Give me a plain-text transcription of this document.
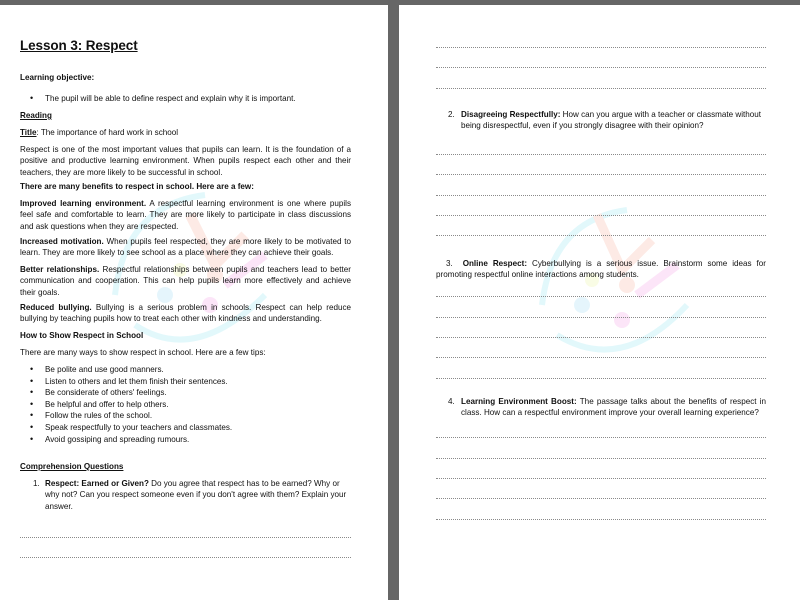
Lesson 3: Respect
Learning objective:
• The pupil will be able to define respect and explain why it is important.
Reading
Title: The importance of hard work in school
Respect is one of the most important values that pupils can learn. It is the foundation of a positive and productive learning environment. When pupils respect each other and their teachers, they are more likely to be successful in school.
There are many benefits to respect in school. Here are a few:
Improved learning environment. A respectful learning environment is one where pupils feel safe and comfortable to learn. They are more likely to participate in class discussions and ask questions when they are respected.
Increased motivation. When pupils feel respected, they are more likely to be motivated to learn. They are more likely to see school as a place where they can achieve their goals.
Better relationships. Respectful relationships between pupils and teachers lead to better communication and cooperation. This can help pupils learn more effectively and achieve their goals.
Reduced bullying. Bullying is a serious problem in schools. Respect can help reduce bullying by teaching pupils how to treat each other with kindness and understanding.
How to Show Respect in School
There are many ways to show respect in school. Here are a few tips:
• Be polite and use good manners.
• Listen to others and let them finish their sentences.
• Be considerate of others' feelings.
• Be helpful and offer to help others.
• Follow the rules of the school.
• Speak respectfully to your teachers and classmates.
• Avoid gossiping and spreading rumours.
Comprehension Questions
1. Respect: Earned or Given? Do you agree that respect has to be earned? Why or why not? Can you respect someone even if you don't agree with them? Explain your answer.
2. Disagreeing Respectfully: How can you argue with a teacher or classmate without being disrespectful, even if you strongly disagree with their opinion?
3. Online Respect: Cyberbullying is a serious issue. Brainstorm some ideas for promoting respectful online interactions among students.
4. Learning Environment Boost: The passage talks about the benefits of respect in class. How can a respectful environment improve your overall learning experience?
